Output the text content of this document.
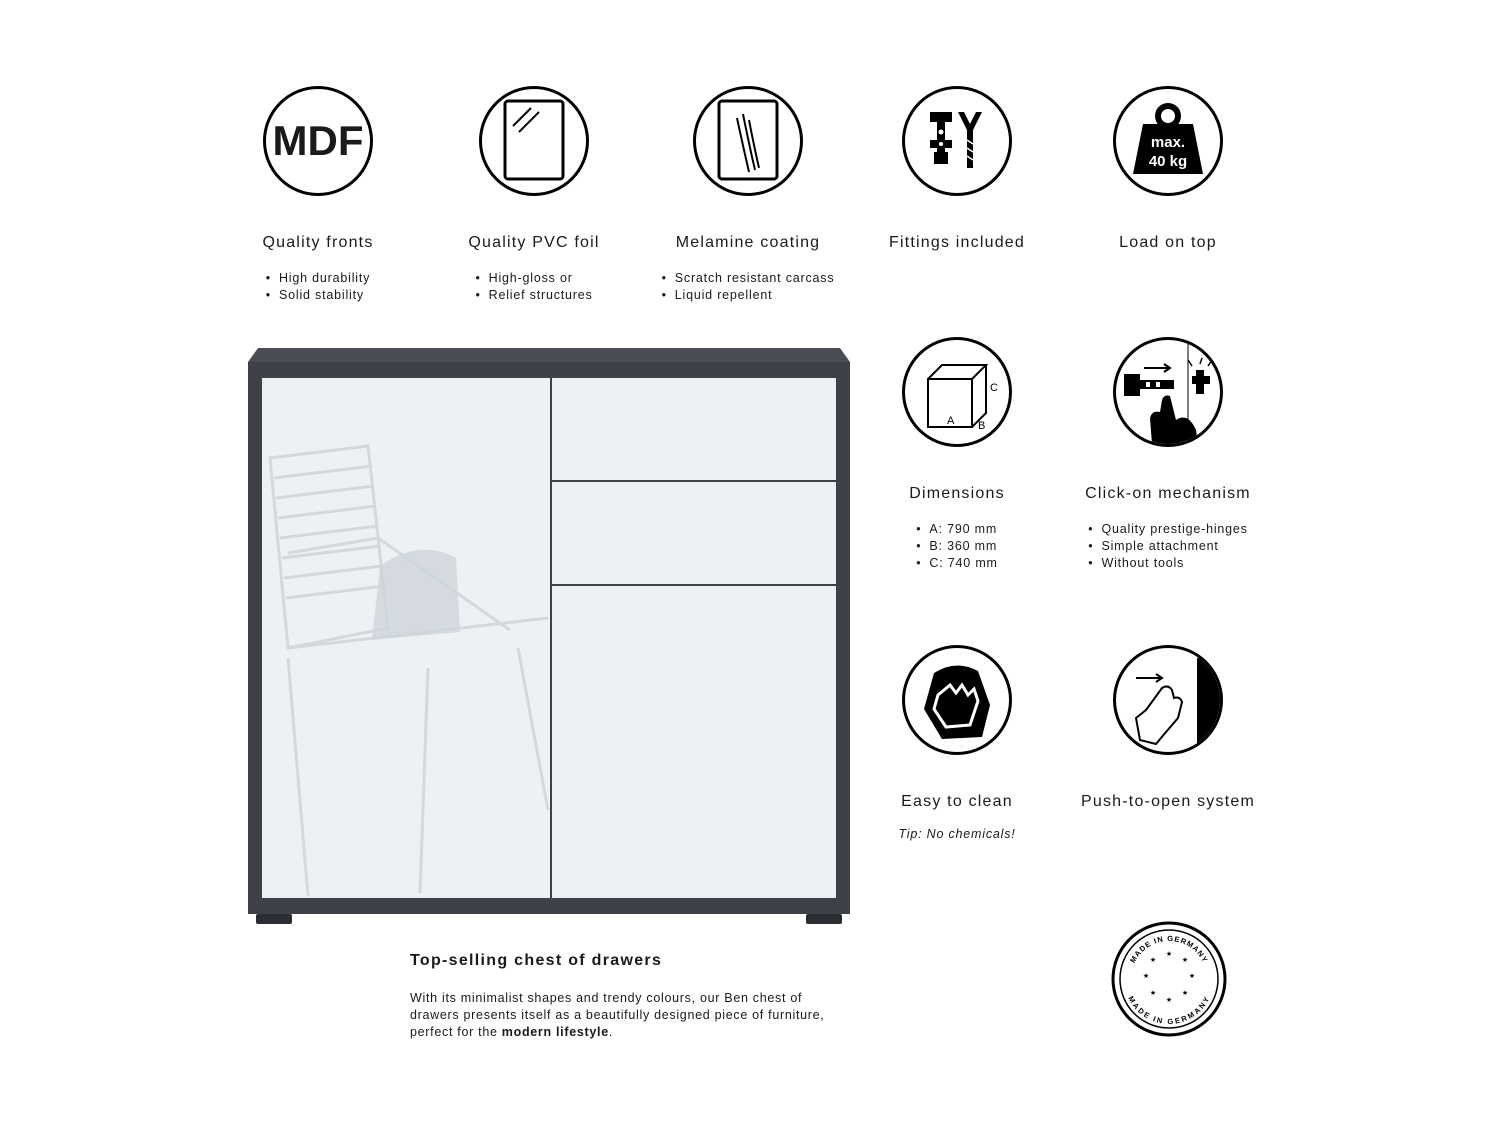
MDF
Quality fronts
• High durability
• Solid stability
Quality PVC foil
• High-gloss or
• Relief structures
Melamine coating
• Scratch resistant carcass
• Liquid repellent
Fittings included
max.
40 kg
Load on top
A B
C
Dimensions
• A: 790 mm
• B: 360 mm
• C: 740 mm
Click-on mechanism
• Quality prestige-hinges
• Simple attachment
• Without tools
Easy to clean
Tip: No chemicals!
Push-to-open system
Top-selling chest of drawers
With its minimalist shapes and trendy colours, our Ben chest of drawers presents itself as a beautifully designed piece of furniture, perfect for the modern lifestyle.
MADE IN GERMANY
MADE IN GERMANY
★
★
★
★
★
★
★
★
